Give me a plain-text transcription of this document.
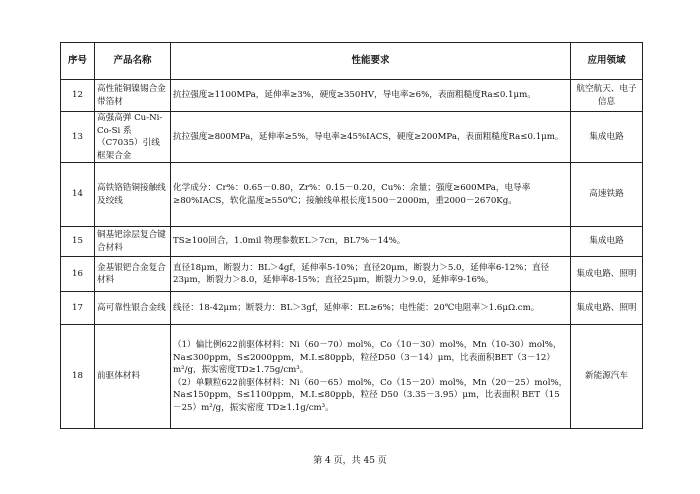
序号	产品名称	性能要求	应用领域
12	高性能铜镍锡合金带箔材	抗拉强度≥1100MPa，延伸率≥3%，硬度≥350HV，导电率≥6%，表面粗糙度Ra≤0.1μm。	航空航天、电子信息
13	高强高弹 Cu-Ni-Co-Si 系（C7035）引线框架合金	抗拉强度≥800MPa，延伸率≥5%，导电率≥45%IACS，硬度≥200MPa，表面粗糙度Ra≤0.1μm。	集成电路
14	高铁铬锆铜接触线及绞线	化学成分：Cr%：0.65－0.80，Zr%：0.15－0.20，Cu%：余量；强度≥600MPa，电导率≥80%IACS，软化温度≥550℃；接触线单根长度1500－2000m，重2000－2670Kg。	高速铁路
15	铜基钯涂层复合键合材料	TS≥100回合，1.0mil 物理参数EL＞7cn，BL7%－14%。	集成电路
16	金基银钯合金复合材料	直径18μm，断裂力：BL＞4gf，延伸率5-10%；直径20μm，断裂力＞5.0，延伸率6-12%；直径23μm，断裂力＞8.0，延伸率8-15%；直径25μm，断裂力＞9.0，延伸率9-16%。	集成电路、照明
17	高可靠性银合金线	线径：18-42μm；断裂力：BL＞3gf，延伸率：EL≥6%；电性能：20℃电阻率＞1.6μΩ.cm。	集成电路、照明
18	前驱体材料	（1）偏比例622前驱体材料：Ni（60－70）mol%，Co（10－30）mol%，Mn（10-30）mol%，Na≤300ppm，S≤2000ppm，M.I.≤80ppb，粒径D50（3－14）μm，比表面积BET（3－12）m²/g，振实密度TD≥1.75g/cm³。
（2）单颗粒622前驱体材料：Ni（60－65）mol%，Co（15－20）mol%，Mn（20－25）mol%，Na≤150ppm，S≤1100ppm，M.I.≤80ppb，粒径 D50（3.35－3.95）μm，比表面积 BET（15－25）m²/g，振实密度 TD≥1.1g/cm³。	新能源汽车
第 4 页，共 45 页
